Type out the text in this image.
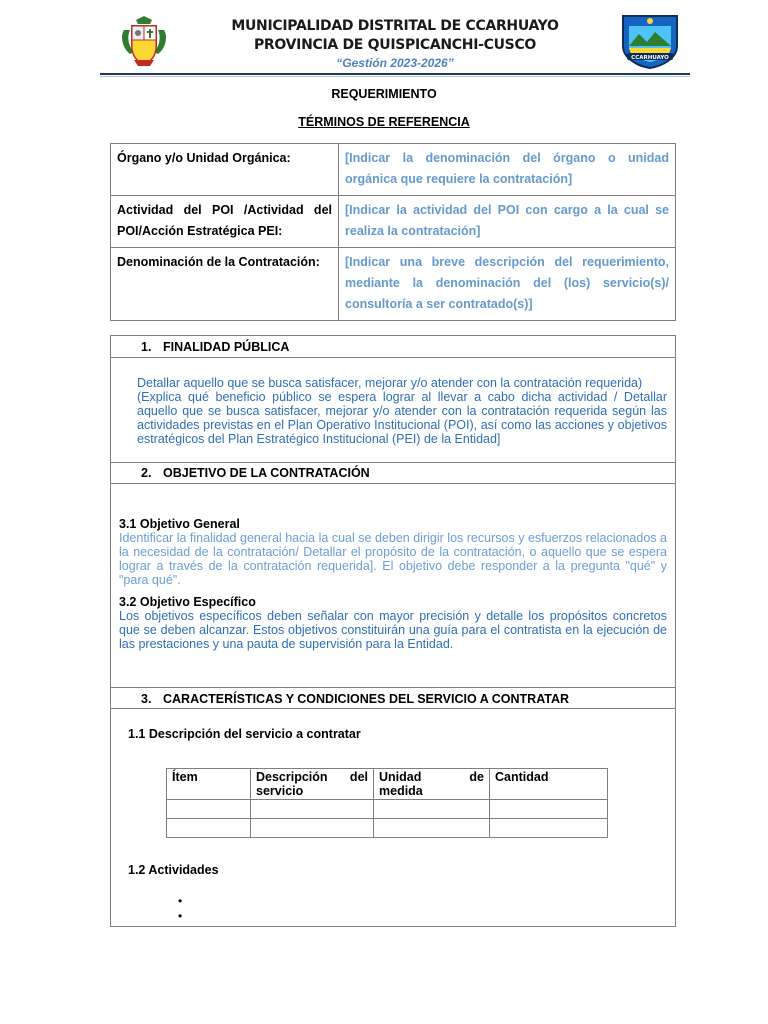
MUNICIPALIDAD DISTRITAL DE CCARHUAYO
PROVINCIA DE QUISPICANCHI-CUSCO
“Gestión 2023-2026”	CCARHUAYO
REQUERIMIENTO
TÉRMINOS DE REFERENCIA
Órgano y/o Unidad Orgánica:	[Indicar la denominación del órgano o unidad orgánica que requiere la contratación]
Actividad del POI /Actividad del POI/Acción Estratégica PEI:	[Indicar la actividad del POI con cargo a la cual se realiza la contratación]
Denominación de la Contratación:	[Indicar una breve descripción del requerimiento, mediante la denominación del (los) servicio(s)/ consultoría a ser contratado(s)]
1. FINALIDAD PÚBLICA
Detallar aquello que se busca satisfacer, mejorar y/o atender con la contratación requerida)
(Explica qué beneficio público se espera lograr al llevar a cabo dicha actividad / Detallar aquello que se busca satisfacer, mejorar y/o atender con la contratación requerida según las actividades previstas en el Plan Operativo Institucional (POI), así como las acciones y objetivos estratégicos del Plan Estratégico Institucional (PEI) de la Entidad]
2. OBJETIVO DE LA CONTRATACIÓN
3.1 Objetivo General
Identificar la finalidad general hacia la cual se deben dirigir los recursos y esfuerzos relacionados a la necesidad de la contratación/ Detallar el propósito de la contratación, o aquello que se espera lograr a través de la contratación requerida]. El objetivo debe responder a la pregunta "qué" y "para qué".
3.2 Objetivo Específico
Los objetivos específicos deben señalar con mayor precisión y detalle los propósitos concretos que se deben alcanzar. Estos objetivos constituirán una guía para el contratista en la ejecución de las prestaciones y una pauta de supervisión para la Entidad.
3. CARACTERÍSTICAS Y CONDICIONES DEL SERVICIO A CONTRATAR
1.1 Descripción del servicio a contratar
Ítem	Descripción del servicio	Unidad de medida	Cantidad

1.2 Actividades
•
•
